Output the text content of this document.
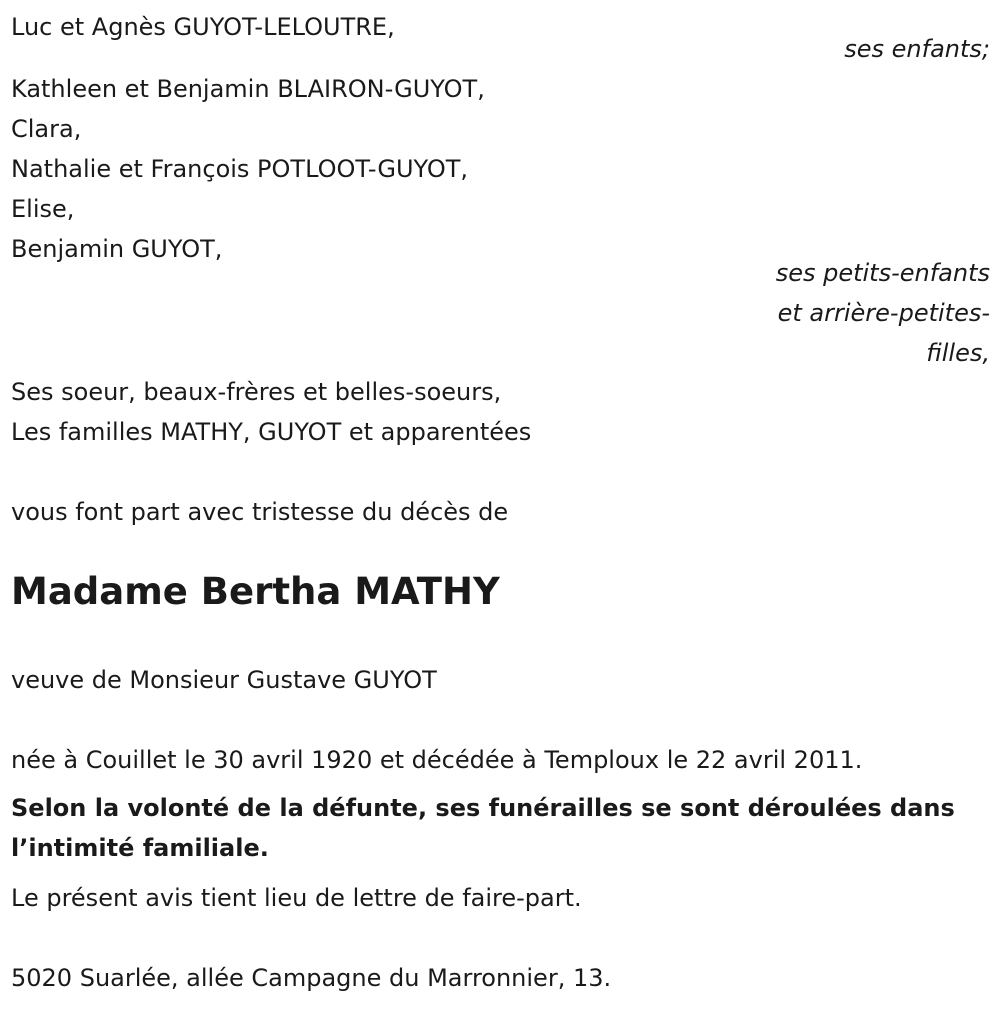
Luc et Agnès GUYOT-LELOUTRE,

ses enfants;

Kathleen et Benjamin BLAIRON-GUYOT,

Clara,

Nathalie et François POTLOOT-GUYOT,

Elise,

Benjamin GUYOT,

ses petits-enfants

et arrière-petites-

filles,

Ses soeur, beaux-frères et belles-soeurs,

Les familles MATHY, GUYOT et apparentées

vous font part avec tristesse du décès de

Madame Bertha MATHY

veuve de Monsieur Gustave GUYOT

née à Couillet le 30 avril 1920 et décédée à Temploux le 22 avril 2011.

Selon la volonté de la défunte, ses funérailles se sont déroulées dans l’intimité familiale.

Le présent avis tient lieu de lettre de faire-part.

5020 Suarlée, allée Campagne du Marronnier, 13.
